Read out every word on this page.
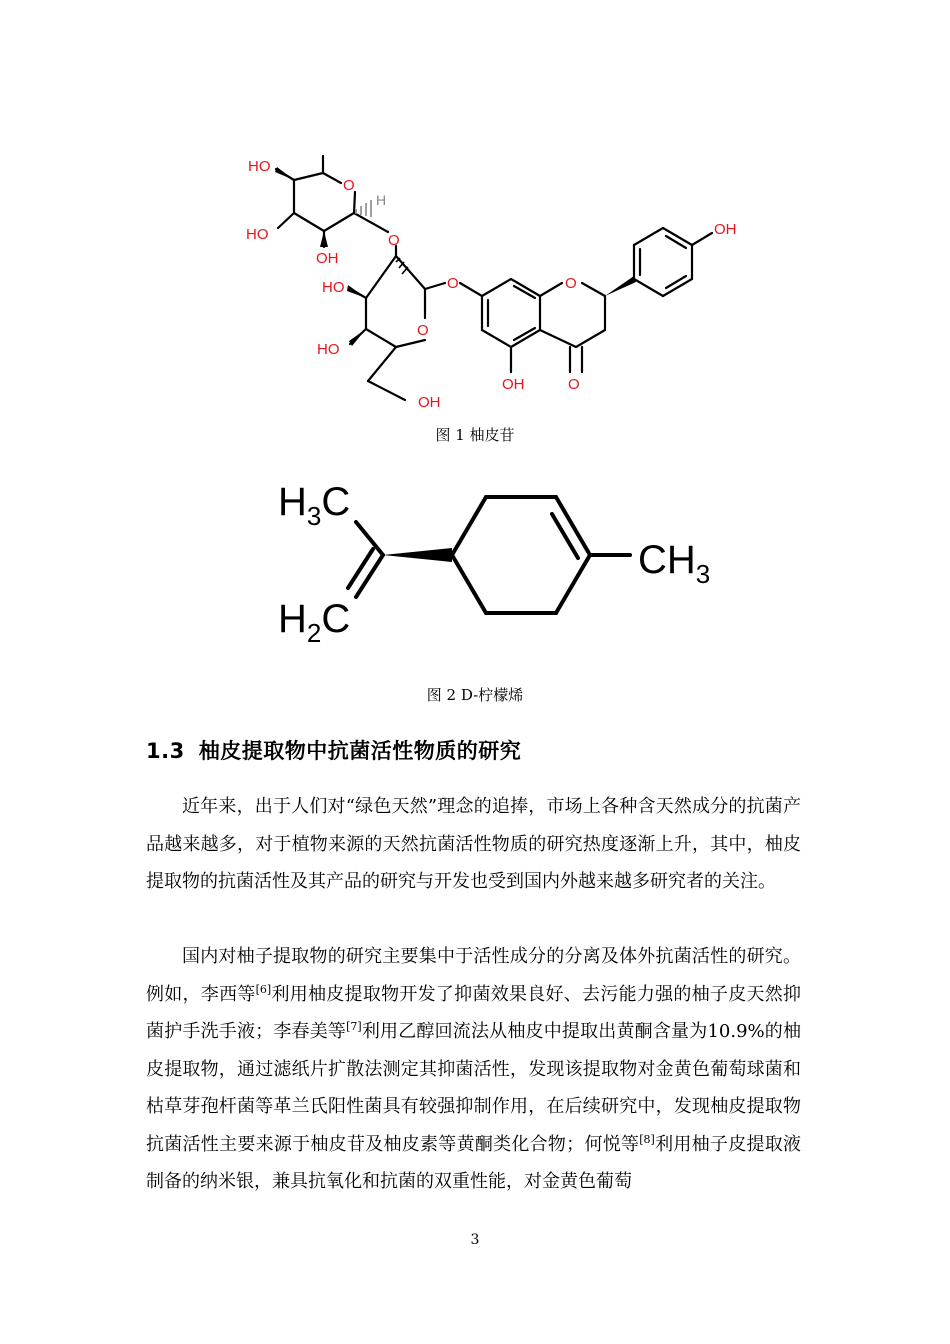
HO
HO
OH
O
O
HO
HO
OH
O
O	O
OH
OH	O
H
图 1 柚皮苷
$H_3C$
$H_2C$
$CH_3$
图 2 D-柠檬烯
1.3 柚皮提取物中抗菌活性物质的研究

近年来，出于人们对“绿色天然”理念的追捧，市场上各种含天然成分的抗菌产品越来越多，对于植物来源的天然抗菌活性物质的研究热度逐渐上升，其中，柚皮提取物的抗菌活性及其产品的研究与开发也受到国内外越来越多研究者的关注。

国内对柚子提取物的研究主要集中于活性成分的分离及体外抗菌活性的研究。例如，李西等[6]利用柚皮提取物开发了抑菌效果良好、去污能力强的柚子皮天然抑菌护手洗手液；李春美等[7]利用乙醇回流法从柚皮中提取出黄酮含量为10.9%的柚皮提取物，通过滤纸片扩散法测定其抑菌活性，发现该提取物对金黄色葡萄球菌和枯草芽孢杆菌等革兰氏阳性菌具有较强抑制作用，在后续研究中，发现柚皮提取物抗菌活性主要来源于柚皮苷及柚皮素等黄酮类化合物；何悦等[8]利用柚子皮提取液制备的纳米银，兼具抗氧化和抗菌的双重性能，对金黄色葡萄

3
